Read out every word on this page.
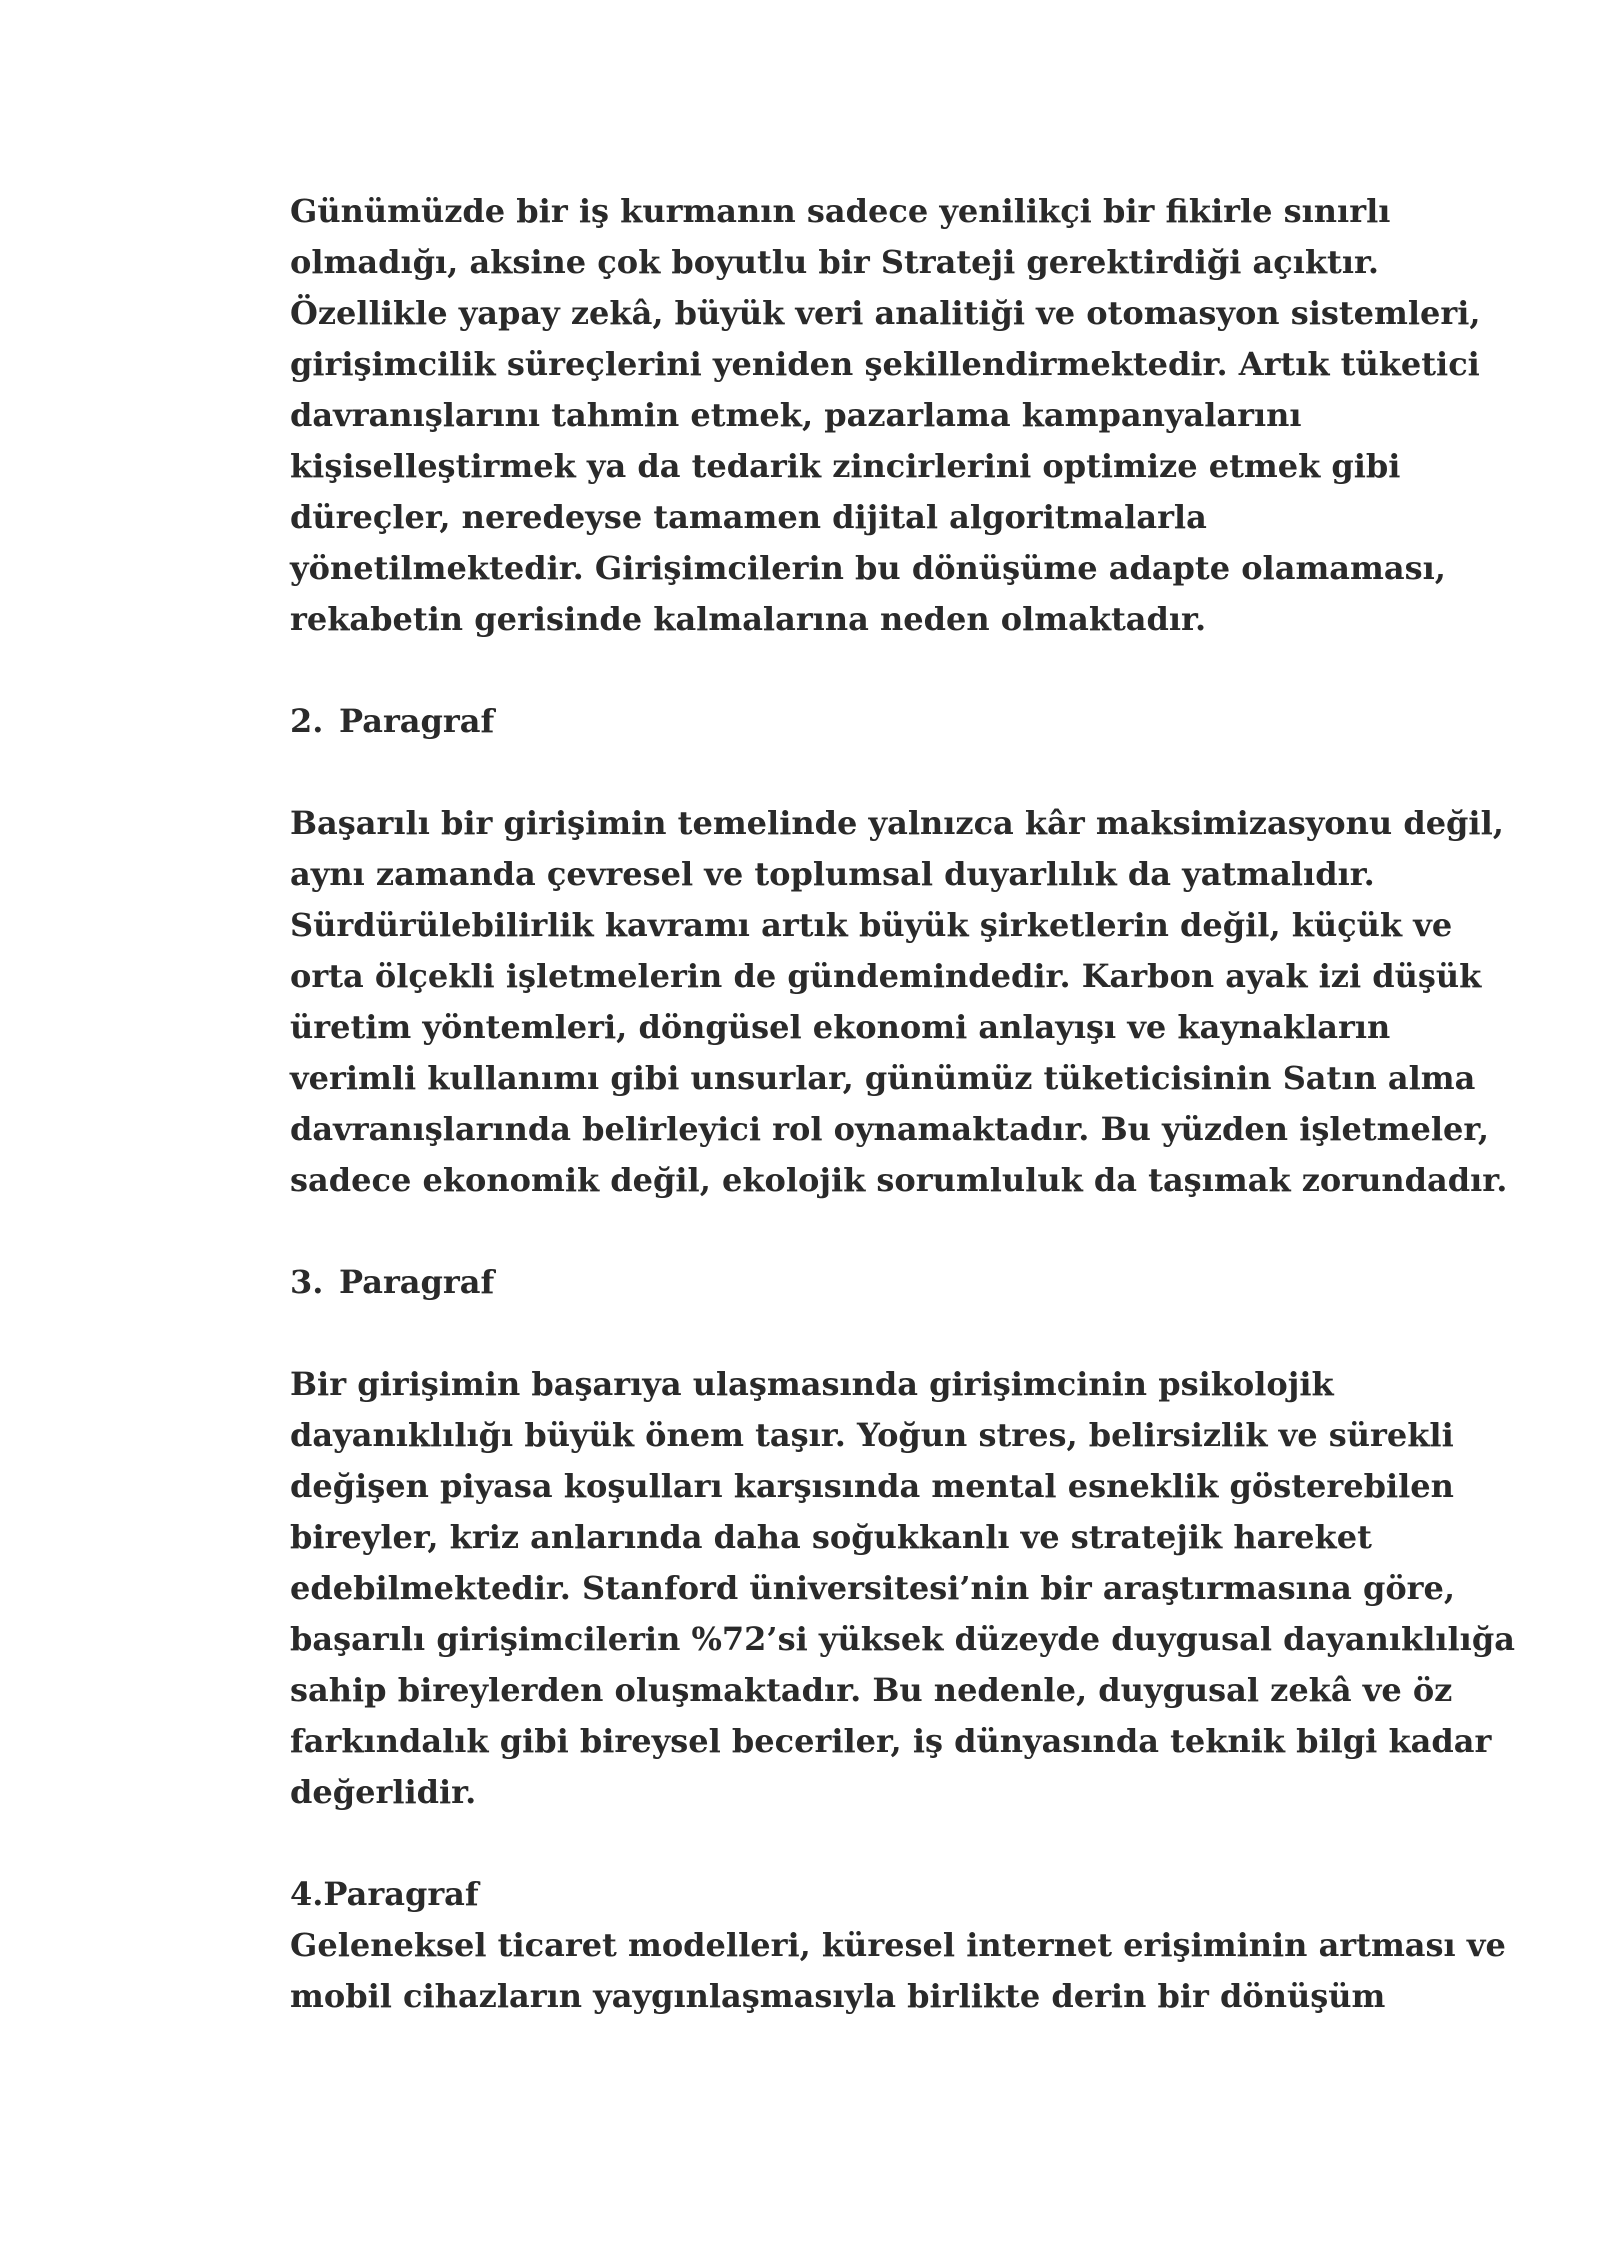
Günümüzde bir iş kurmanın sadece yenilikçi bir fikirle sınırlı
olmadığı, aksine çok boyutlu bir Strateji gerektirdiği açıktır.
Özellikle yapay zekâ, büyük veri analitiği ve otomasyon sistemleri,
girişimcilik süreçlerini yeniden şekillendirmektedir. Artık tüketici
davranışlarını tahmin etmek, pazarlama kampanyalarını
kişiselleştirmek ya da tedarik zincirlerini optimize etmek gibi
düreçler, neredeyse tamamen dijital algoritmalarla
yönetilmektedir. Girişimcilerin bu dönüşüme adapte olamaması,
rekabetin gerisinde kalmalarına neden olmaktadır.
2. Paragraf
Başarılı bir girişimin temelinde yalnızca kâr maksimizasyonu değil,
aynı zamanda çevresel ve toplumsal duyarlılık da yatmalıdır.
Sürdürülebilirlik kavramı artık büyük şirketlerin değil, küçük ve
orta ölçekli işletmelerin de gündemindedir. Karbon ayak izi düşük
üretim yöntemleri, döngüsel ekonomi anlayışı ve kaynakların
verimli kullanımı gibi unsurlar, günümüz tüketicisinin Satın alma
davranışlarında belirleyici rol oynamaktadır. Bu yüzden işletmeler,
sadece ekonomik değil, ekolojik sorumluluk da taşımak zorundadır.
3. Paragraf
Bir girişimin başarıya ulaşmasında girişimcinin psikolojik
dayanıklılığı büyük önem taşır. Yoğun stres, belirsizlik ve sürekli
değişen piyasa koşulları karşısında mental esneklik gösterebilen
bireyler, kriz anlarında daha soğukkanlı ve stratejik hareket
edebilmektedir. Stanford üniversitesi’nin bir araştırmasına göre,
başarılı girişimcilerin %72’si yüksek düzeyde duygusal dayanıklılığa
sahip bireylerden oluşmaktadır. Bu nedenle, duygusal zekâ ve öz
farkındalık gibi bireysel beceriler, iş dünyasında teknik bilgi kadar
değerlidir.
4.Paragraf
Geleneksel ticaret modelleri, küresel internet erişiminin artması ve
mobil cihazların yaygınlaşmasıyla birlikte derin bir dönüşüm
